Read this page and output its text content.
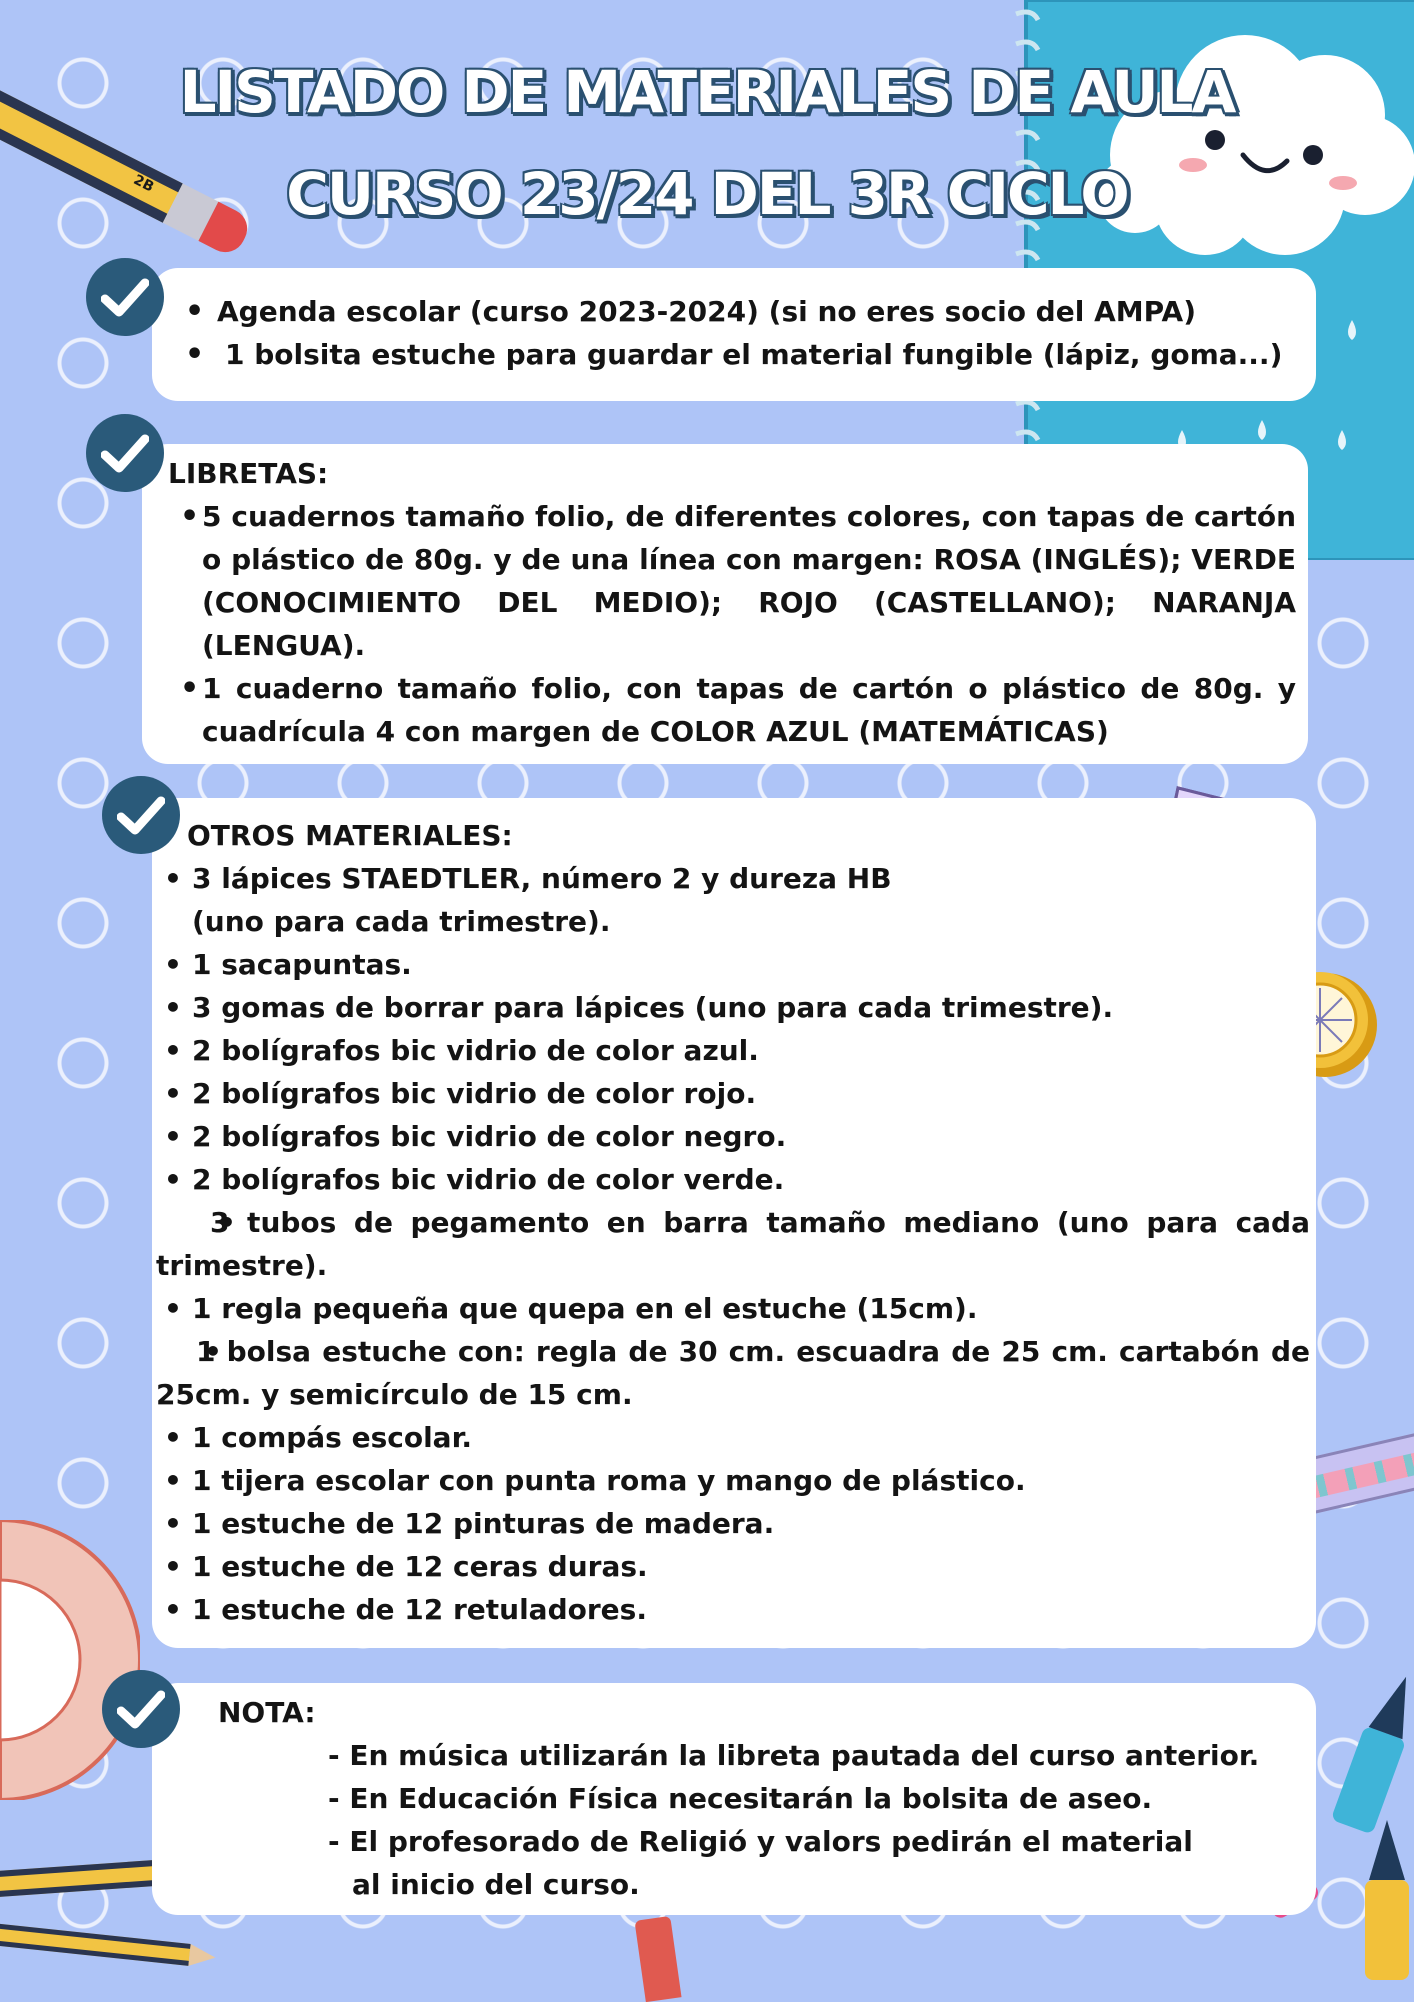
2B
LISTADO DE MATERIALES DE AULA
CURSO 23/24 DEL 3R CICLO
• Agenda escolar (curso 2023-2024) (si no eres socio del AMPA)
• 1 bolsita estuche para guardar el material fungible (lápiz, goma...)
LIBRETAS:
• 5 cuadernos tamaño folio, de diferentes colores, con tapas de cartón o plástico de 80g. y de una línea con margen: ROSA (INGLÉS); VERDE (CONOCIMIENTO DEL MEDIO); ROJO (CASTELLANO); NARANJA (LENGUA).
• 1 cuaderno tamaño folio, con tapas de cartón o plástico de 80g. y cuadrícula 4 con margen de COLOR AZUL (MATEMÁTICAS)
OTROS MATERIALES:
• 3 lápices STAEDTLER, número 2 y dureza HB (uno para cada trimestre).
• 1 sacapuntas.
• 3 gomas de borrar para lápices (uno para cada trimestre).
• 2 bolígrafos bic vidrio de color azul.
• 2 bolígrafos bic vidrio de color rojo.
• 2 bolígrafos bic vidrio de color negro.
• 2 bolígrafos bic vidrio de color verde.
• 3 tubos de pegamento en barra tamaño mediano (uno para cada trimestre).
• 1 regla pequeña que quepa en el estuche (15cm).
• 1 bolsa estuche con: regla de 30 cm. escuadra de 25 cm. cartabón de 25cm. y semicírculo de 15 cm.
• 1 compás escolar.
• 1 tijera escolar con punta roma y mango de plástico.
• 1 estuche de 12 pinturas de madera.
• 1 estuche de 12 ceras duras.
• 1 estuche de 12 retuladores.
NOTA:
- En música utilizarán la libreta pautada del curso anterior.
- En Educación Física necesitarán la bolsita de aseo.
- El profesorado de Religió y valors pedirán el material
al inicio del curso.
